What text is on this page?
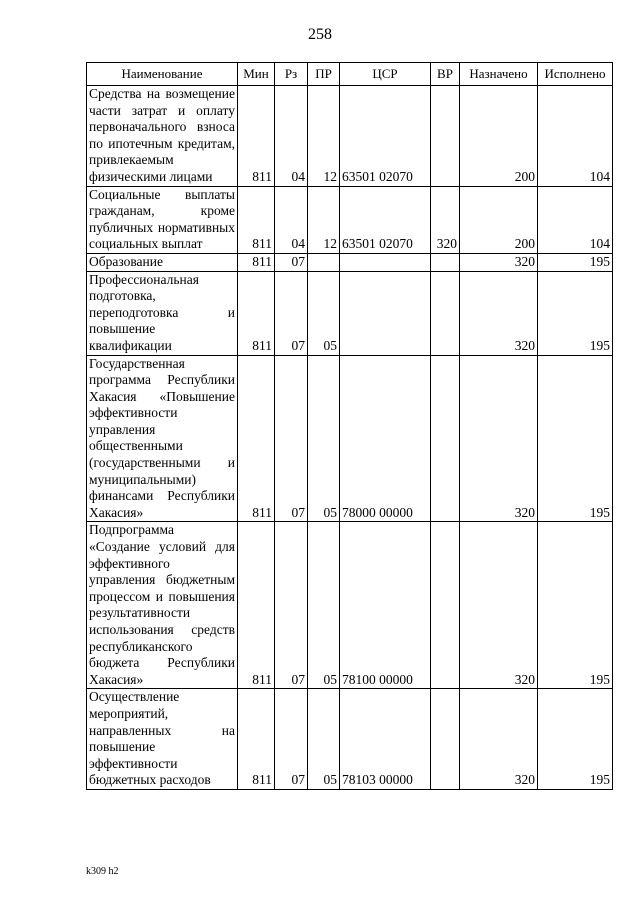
258
Наименование	Мин	Рз	ПР	ЦСР	ВР	Назначено	Исполнено
Средства на возмещение части затрат и оплату первоначального взноса по ипотечным кредитам, привлекаемым физическими лицами	811	04	12	63501 02070		200	104
Социальные выплаты гражданам, кроме публичных нормативных социальных выплат	811	04	12	63501 02070	320	200	104
Образование	811	07				320	195
Профессиональная подготовка, переподготовка и повышение квалификации	811	07	05			320	195
Государственная программа Республики Хакасия «Повышение эффективности управления общественными (государственными и муниципальными) финансами Республики Хакасия»	811	07	05	78000 00000		320	195
Подпрограмма «Создание условий для эффективного управления бюджетным процессом и повышения результативности использования средств республиканского бюджета Республики Хакасия»	811	07	05	78100 00000		320	195
Осуществление мероприятий, направленных на повышение эффективности бюджетных расходов	811	07	05	78103 00000		320	195
k309 h2
